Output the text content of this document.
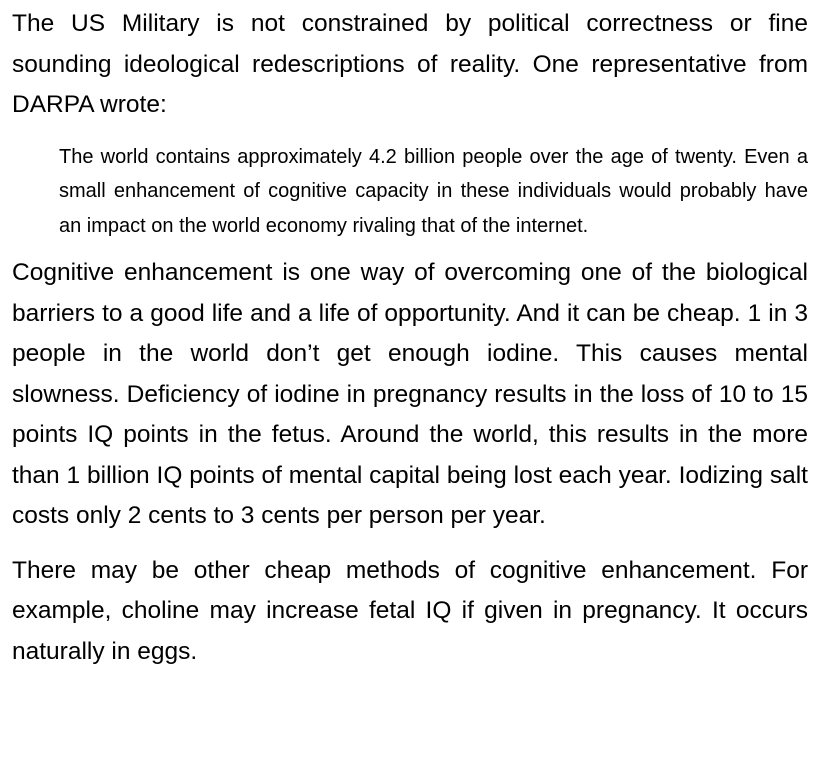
The US Military is not constrained by political correctness or fine sounding ideological redescriptions of reality. One representative from DARPA wrote:

The world contains approximately 4.2 billion people over the age of twenty. Even a small enhancement of cognitive capacity in these individuals would probably have an impact on the world economy rivaling that of the internet.

Cognitive enhancement is one way of overcoming one of the biological barriers to a good life and a life of opportunity. And it can be cheap. 1 in 3 people in the world don’t get enough iodine. This causes mental slowness. Deficiency of iodine in pregnancy results in the loss of 10 to 15 points IQ points in the fetus. Around the world, this results in the more than 1 billion IQ points of mental capital being lost each year. Iodizing salt costs only 2 cents to 3 cents per person per year.

There may be other cheap methods of cognitive enhancement. For example, choline may increase fetal IQ if given in pregnancy. It occurs naturally in eggs.
